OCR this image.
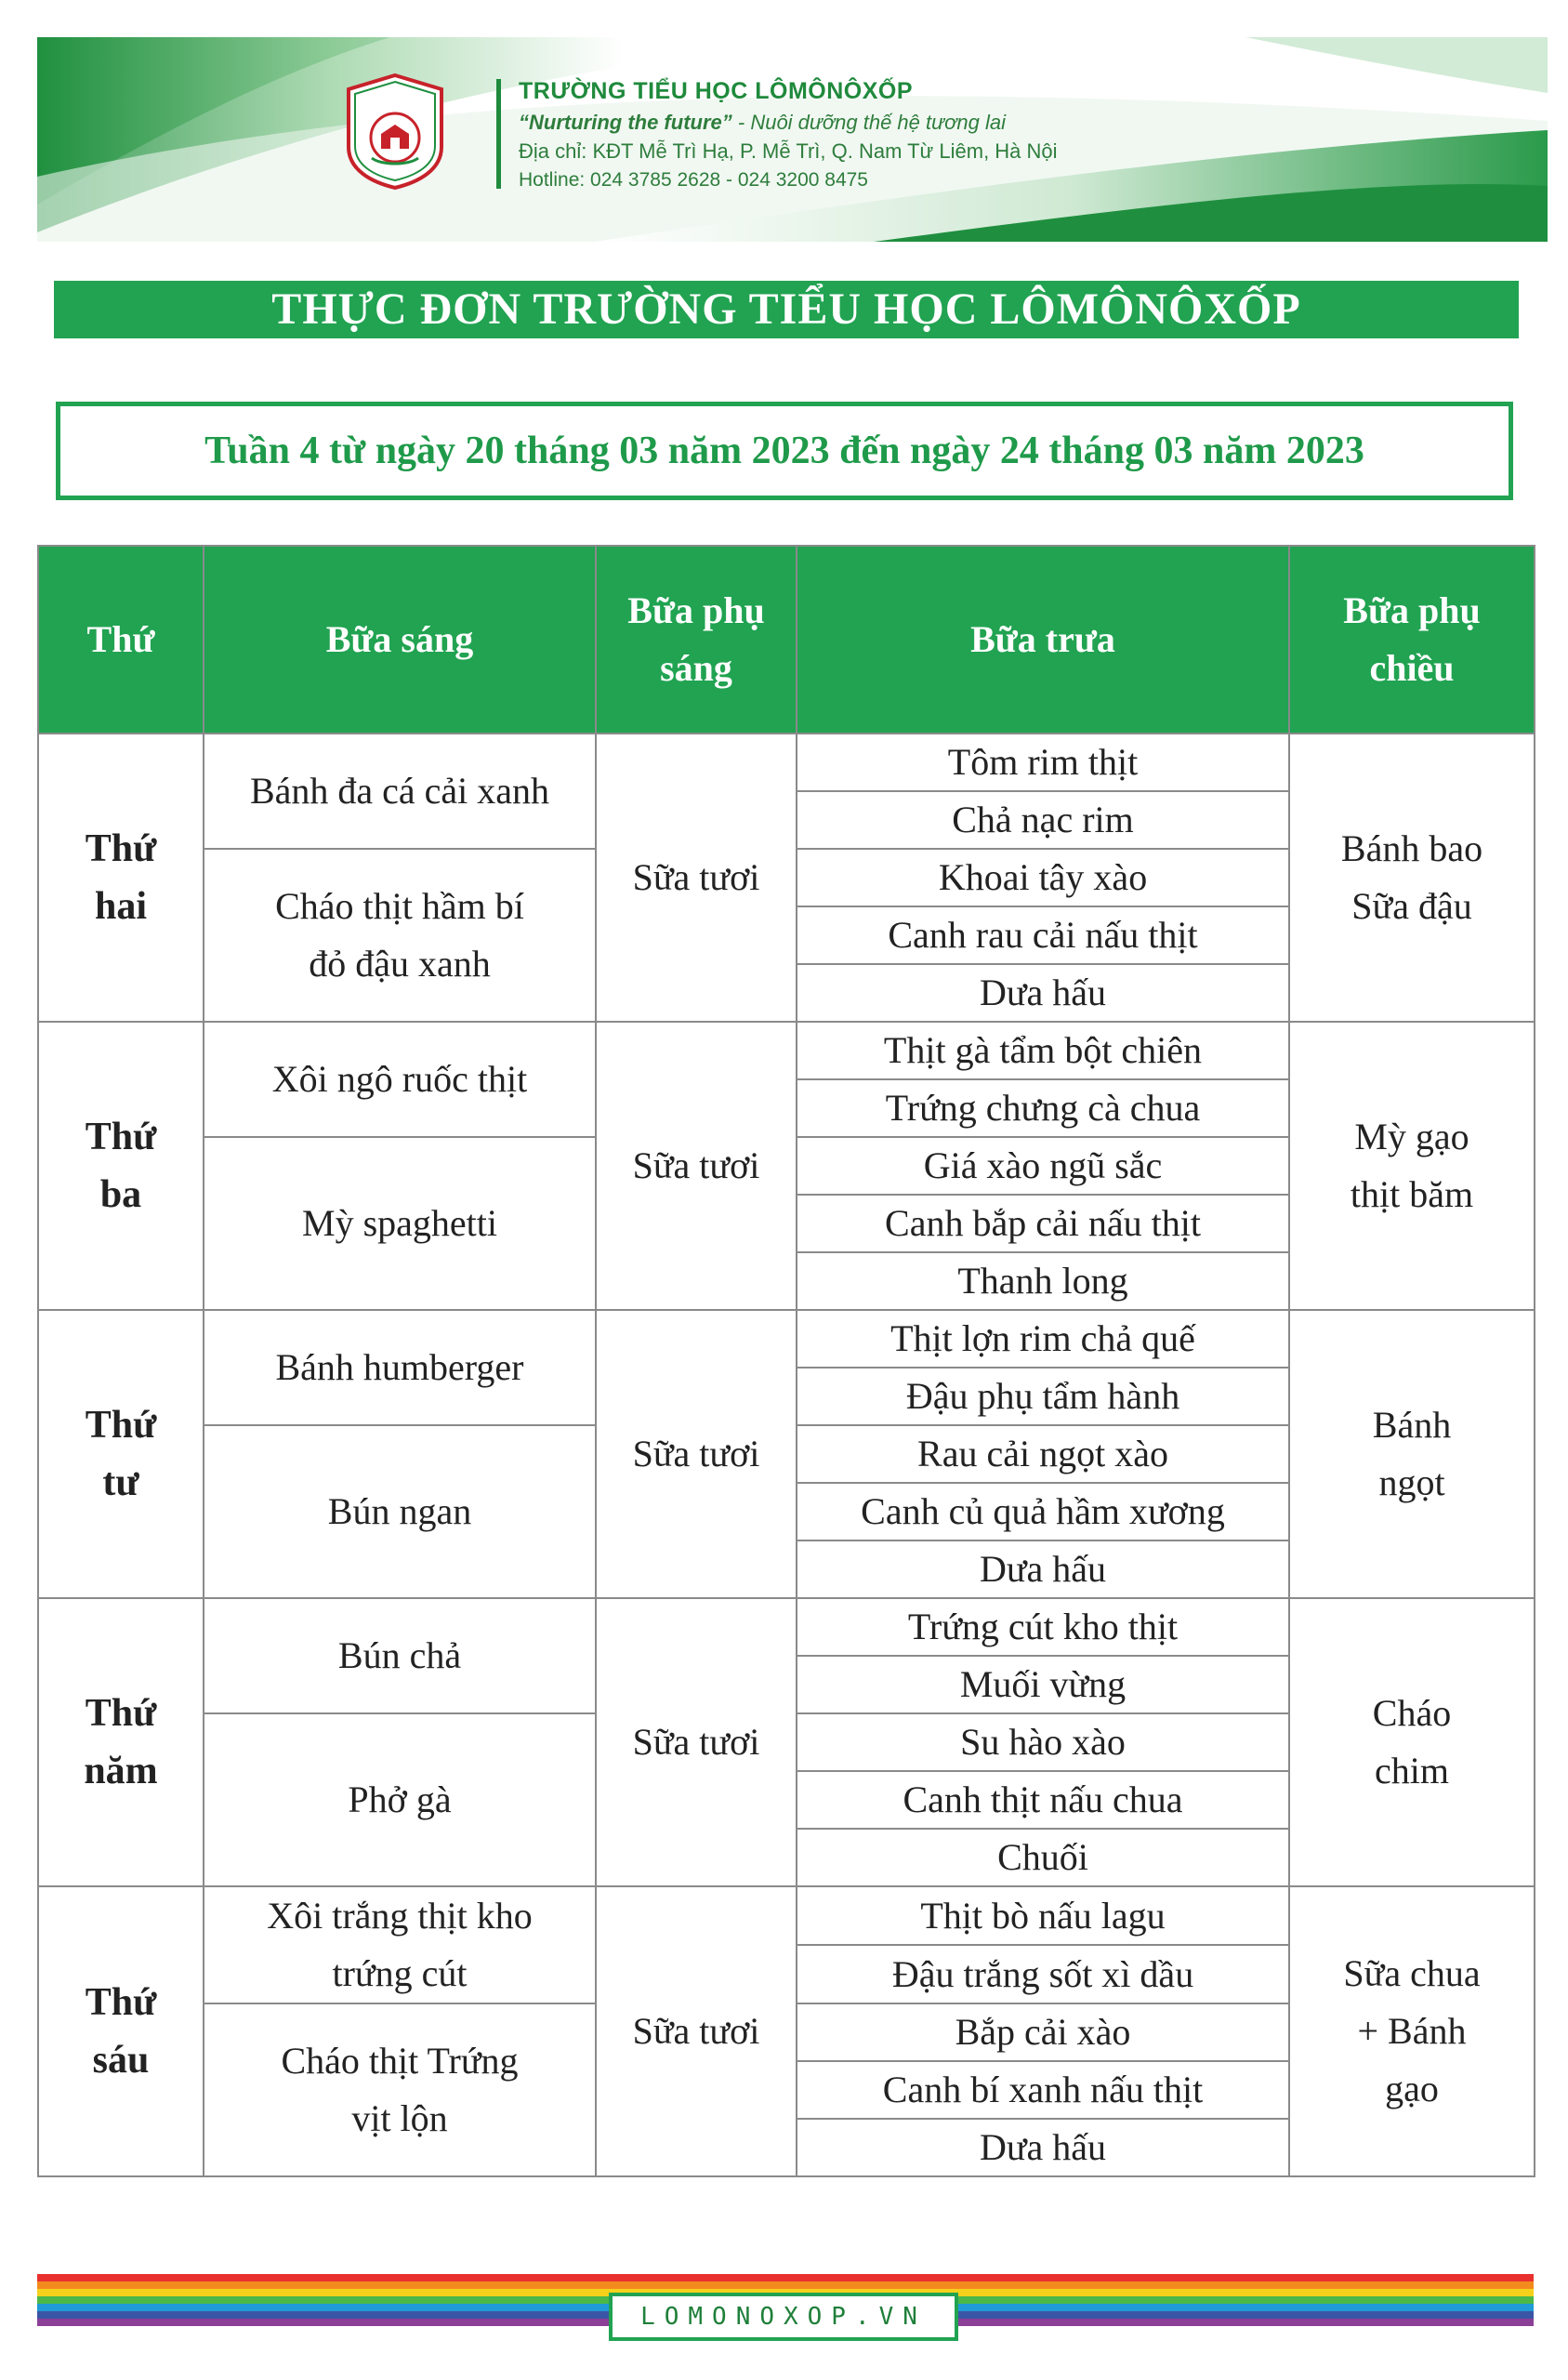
TRƯỜNG TIỂU HỌC LÔMÔNÔXỐP
“Nurturing the future” - Nuôi dưỡng thế hệ tương lai
Địa chỉ: KĐT Mễ Trì Hạ, P. Mễ Trì, Q. Nam Từ Liêm, Hà Nội
Hotline: 024 3785 2628 - 024 3200 8475
THỰC ĐƠN TRƯỜNG TIỂU HỌC LÔMÔNÔXỐP
Tuần 4 từ ngày 20 tháng 03 năm 2023 đến ngày 24 tháng 03 năm 2023
Thứ	Bữa sáng	Bữa phụ sáng	Bữa trưa	Bữa phụ chiều
Thứ hai	Bánh đa cá cải xanh	Sữa tươi	Tôm rim thịt	Bánh bao Sữa đậu
			Chả nạc rim	
	Cháo thịt hầm bí đỏ đậu xanh		Khoai tây xào	
			Canh rau cải nấu thịt	
			Dưa hấu	
Thứ ba	Xôi ngô ruốc thịt	Sữa tươi	Thịt gà tẩm bột chiên	Mỳ gạo thịt băm
			Trứng chưng cà chua	
	Mỳ spaghetti		Giá xào ngũ sắc	
			Canh bắp cải nấu thịt	
			Thanh long	
Thứ tư	Bánh humberger	Sữa tươi	Thịt lợn rim chả quế	Bánh ngọt
			Đậu phụ tẩm hành	
	Bún ngan		Rau cải ngọt xào	
			Canh củ quả hầm xương	
			Dưa hấu	
Thứ năm	Bún chả	Sữa tươi	Trứng cút kho thịt	Cháo chim
			Muối vừng	
	Phở gà		Su hào xào	
			Canh thịt nấu chua	
			Chuối	
Thứ sáu	Xôi trắng thịt kho trứng cút	Sữa tươi	Thịt bò nấu lagu	Sữa chua + Bánh gạo
			Đậu trắng sốt xì dầu	
	Cháo thịt Trứng vịt lộn		Bắp cải xào	
			Canh bí xanh nấu thịt	
			Dưa hấu	
LOMONOXOP.VN
